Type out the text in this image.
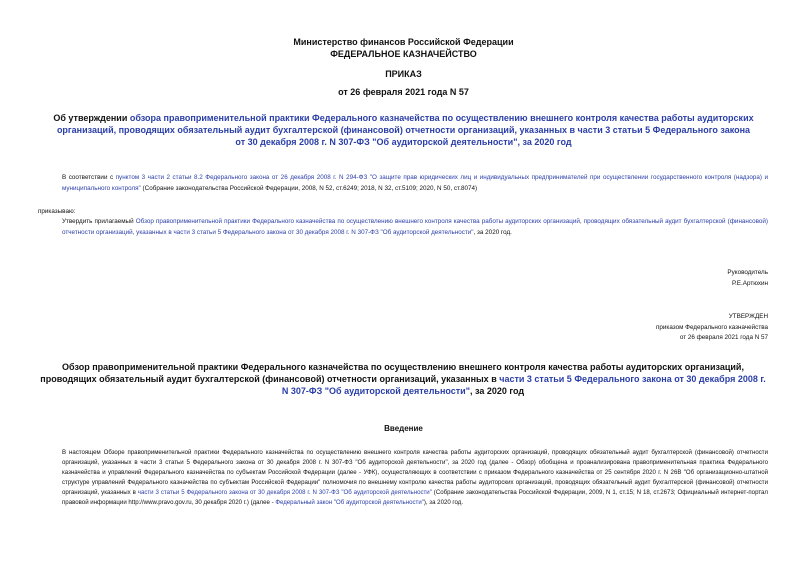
Министерство финансов Российской Федерации

ФЕДЕРАЛЬНОЕ КАЗНАЧЕЙСТВО

ПРИКАЗ
от 26 февраля 2021 года N 57
Об утверждении обзора правоприменительной практики Федерального казначейства по осуществлению внешнего контроля качества работы аудиторских организаций, проводящих обязательный аудит бухгалтерской (финансовой) отчетности организаций, указанных в части 3 статьи 5 Федерального закона от 30 декабря 2008 г. N 307-ФЗ "Об аудиторской деятельности", за 2020 год
В соответствии с пунктом 3 части 2 статьи 8.2 Федерального закона от 26 декабря 2008 г. N 294-ФЗ "О защите прав юридических лиц и индивидуальных предпринимателей при осуществлении государственного контроля (надзора) и муниципального контроля" (Собрание законодательства Российской Федерации, 2008, N 52, ст.6249; 2018, N 32, ст.5109; 2020, N 50, ст.8074)
приказываю:
Утвердить прилагаемый Обзор правоприменительной практики Федерального казначейства по осуществлению внешнего контроля качества работы аудиторских организаций, проводящих обязательный аудит бухгалтерской (финансовой) отчетности организаций, указанных в части 3 статьи 5 Федерального закона от 30 декабря 2008 г. N 307-ФЗ "Об аудиторской деятельности", за 2020 год.

Руководитель

Р.Е.Артюхин

УТВЕРЖДЕН

приказом Федерального казначейства

от 26 февраля 2021 года N 57

Обзор правоприменительной практики Федерального казначейства по осуществлению внешнего контроля качества работы аудиторских организаций, проводящих обязательный аудит бухгалтерской (финансовой) отчетности организаций, указанных в части 3 статьи 5 Федерального закона от 30 декабря 2008 г. N 307-ФЗ "Об аудиторской деятельности", за 2020 год
Введение
В настоящем Обзоре правоприменительной практики Федерального казначейства по осуществлению внешнего контроля качества работы аудиторских организаций, проводящих обязательный аудит бухгалтерской (финансовой) отчетности организаций, указанных в части 3 статьи 5 Федерального закона от 30 декабря 2008 г. N 307-ФЗ "Об аудиторской деятельности", за 2020 год (далее - Обзор) обобщена и проанализирована правоприменительная практика Федерального казначейства и управлений Федерального казначейства по субъектам Российской Федерации (далее - УФК), осуществляющих в соответствии с приказом Федерального казначейства от 25 сентября 2020 г. N 26В "Об организационно-штатной структуре управлений Федерального казначейства по субъектам Российской Федерации" полномочия по внешнему контролю качества работы аудиторских организаций, проводящих обязательный аудит бухгалтерской (финансовой) отчетности организаций, указанных в части 3 статьи 5 Федерального закона от 30 декабря 2008 г. N 307-ФЗ "Об аудиторской деятельности" (Собрание законодательства Российской Федерации, 2009, N 1, ст.15; N 18, ст.2673; Официальный интернет-портал правовой информации http://www.pravo.gov.ru, 30 декабря 2020 г.) (далее - Федеральный закон "Об аудиторской деятельности"), за 2020 год.
